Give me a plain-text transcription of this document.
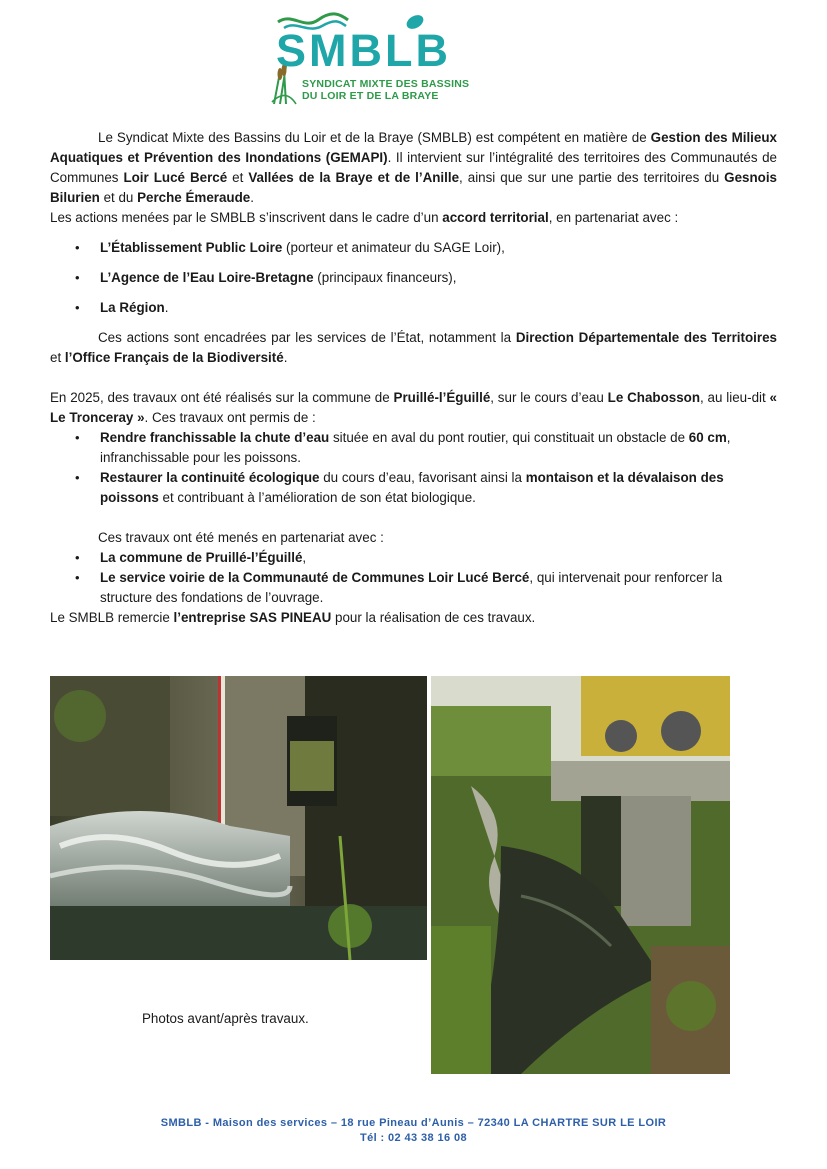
SMBLB
SYNDICAT MIXTE DES BASSINS
DU LOIR ET DE LA BRAYE

Le Syndicat Mixte des Bassins du Loir et de la Braye (SMBLB) est compétent en matière de Gestion des Milieux Aquatiques et Prévention des Inondations (GEMAPI). Il intervient sur l’intégralité des territoires des Communautés de Communes Loir Lucé Bercé et Vallées de la Braye et de l’Anille, ainsi que sur une partie des territoires du Gesnois Bilurien et du Perche Émeraude.

Les actions menées par le SMBLB s’inscrivent dans le cadre d’un accord territorial, en partenariat avec :

• L’Établissement Public Loire (porteur et animateur du SAGE Loir),
• L’Agence de l’Eau Loire-Bretagne (principaux financeurs),
• La Région.

Ces actions sont encadrées par les services de l’État, notamment la Direction Départementale des Territoires et l’Office Français de la Biodiversité.

En 2025, des travaux ont été réalisés sur la commune de Pruillé-l’Éguillé, sur le cours d’eau Le Chabosson, au lieu-dit « Le Tronceray ». Ces travaux ont permis de :

• Rendre franchissable la chute d’eau située en aval du pont routier, qui constituait un obstacle de 60 cm, infranchissable pour les poissons.
• Restaurer la continuité écologique du cours d’eau, favorisant ainsi la montaison et la dévalaison des poissons et contribuant à l’amélioration de son état biologique.

Ces travaux ont été menés en partenariat avec :

• La commune de Pruillé-l’Éguillé,
• Le service voirie de la Communauté de Communes Loir Lucé Bercé, qui intervenait pour renforcer la structure des fondations de l’ouvrage.

Le SMBLB remercie l’entreprise SAS PINEAU pour la réalisation de ces travaux.

Photos avant/après travaux.
SMBLB - Maison des services – 18 rue Pineau d’Aunis – 72340 LA CHARTRE SUR LE LOIR
Tél : 02 43 38 16 08
